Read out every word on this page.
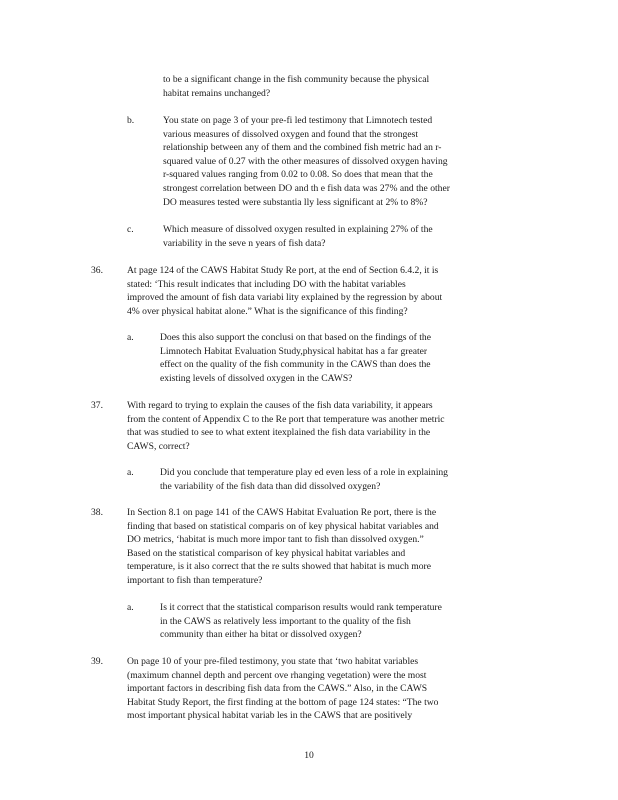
to be a significant change in the fish community because the physical
habitat remains unchanged?
b.	You state on page 3 of your pre-fi led testimony that Limnotech tested
various measures of dissolved oxygen and found that the strongest
relationship between any of them and the combined fish metric had an r-
squared value of 0.27 with the other measures of dissolved oxygen having
r-squared values ranging from 0.02 to 0.08. So does that mean that the
strongest correlation between DO and th e fish data was 27% and the other
DO measures tested were substantia lly less significant at 2% to 8%?
c.	Which measure of dissolved oxygen resulted in explaining 27% of the
variability in the seve n years of fish data?
36.	At page 124 of the CAWS Habitat Study Re port, at the end of Section 6.4.2, it is
stated: ‘This result indicates that including DO with the habitat variables
improved the amount of fish data variabi lity explained by the regression by about
4% over physical habitat alone.” What is the significance of this finding?
a.	Does this also support the conclusi on that based on the findings of the
Limnotech Habitat Evaluation Study,physical habitat has a far greater
effect on the quality of the fish community in the CAWS than does the
existing levels of dissolved oxygen in the CAWS?
37.	With regard to trying to explain the causes of the fish data variability, it appears
from the content of Appendix C to the Re port that temperature was another metric
that was studied to see to what extent itexplained the fish data variability in the
CAWS, correct?
a.	Did you conclude that temperature play ed even less of a role in explaining
the variability of the fish data than did dissolved oxygen?
38.	In Section 8.1 on page 141 of the CAWS Habitat Evaluation Re port, there is the
finding that based on statistical comparis on of key physical habitat variables and
DO metrics, ‘habitat is much more impor tant to fish than dissolved oxygen.”
Based on the statistical comparison of key physical habitat variables and
temperature, is it also correct that the re sults showed that habitat is much more
important to fish than temperature?
a.	Is it correct that the statistical comparison results would rank temperature
in the CAWS as relatively less important to the quality of the fish
community than either ha bitat or dissolved oxygen?
39.	On page 10 of your pre-filed testimony, you state that ‘two habitat variables
(maximum channel depth and percent ove rhanging vegetation) were the most
important factors in describing fish data from the CAWS.” Also, in the CAWS
Habitat Study Report, the first finding at the bottom of page 124 states: “The two
most important physical habitat variab les in the CAWS that are positively
10
